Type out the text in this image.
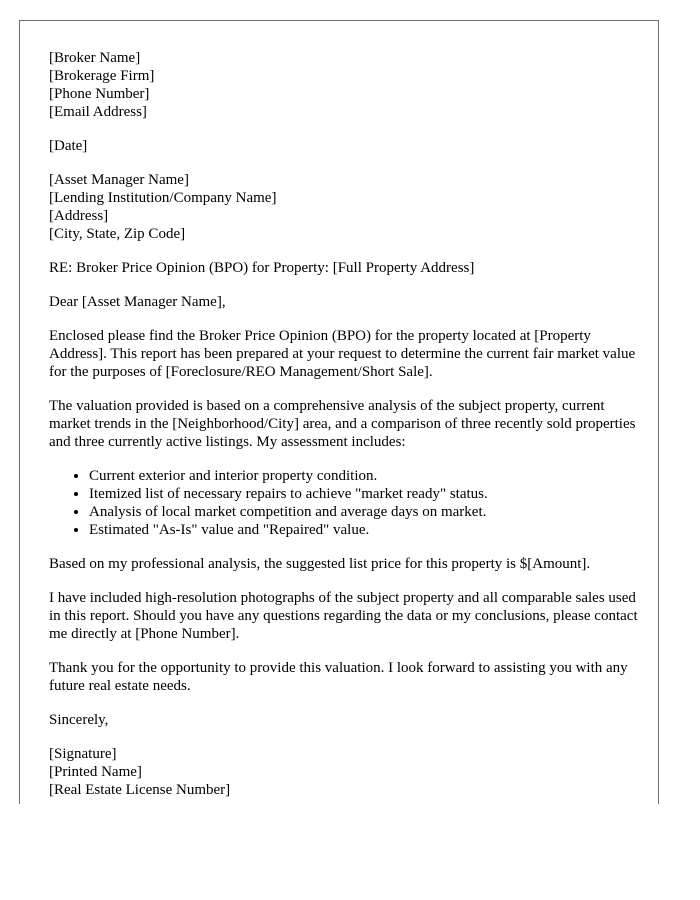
[Broker Name]
[Brokerage Firm]
[Phone Number]
[Email Address]
[Date]
[Asset Manager Name]
[Lending Institution/Company Name]
[Address]
[City, State, Zip Code]

RE: Broker Price Opinion (BPO) for Property: [Full Property Address]

Dear [Asset Manager Name],

Enclosed please find the Broker Price Opinion (BPO) for the property located at [Property Address]. This report has been prepared at your request to determine the current fair market value for the purposes of [Foreclosure/REO Management/Short Sale].

The valuation provided is based on a comprehensive analysis of the subject property, current market trends in the [Neighborhood/City] area, and a comparison of three recently sold properties and three currently active listings. My assessment includes:

• Current exterior and interior property condition.
• Itemized list of necessary repairs to achieve "market ready" status.
• Analysis of local market competition and average days on market.
• Estimated "As-Is" value and "Repaired" value.

Based on my professional analysis, the suggested list price for this property is $[Amount].

I have included high-resolution photographs of the subject property and all comparable sales used in this report. Should you have any questions regarding the data or my conclusions, please contact me directly at [Phone Number].

Thank you for the opportunity to provide this valuation. I look forward to assisting you with any future real estate needs.

Sincerely,

[Signature]
[Printed Name]
[Real Estate License Number]
